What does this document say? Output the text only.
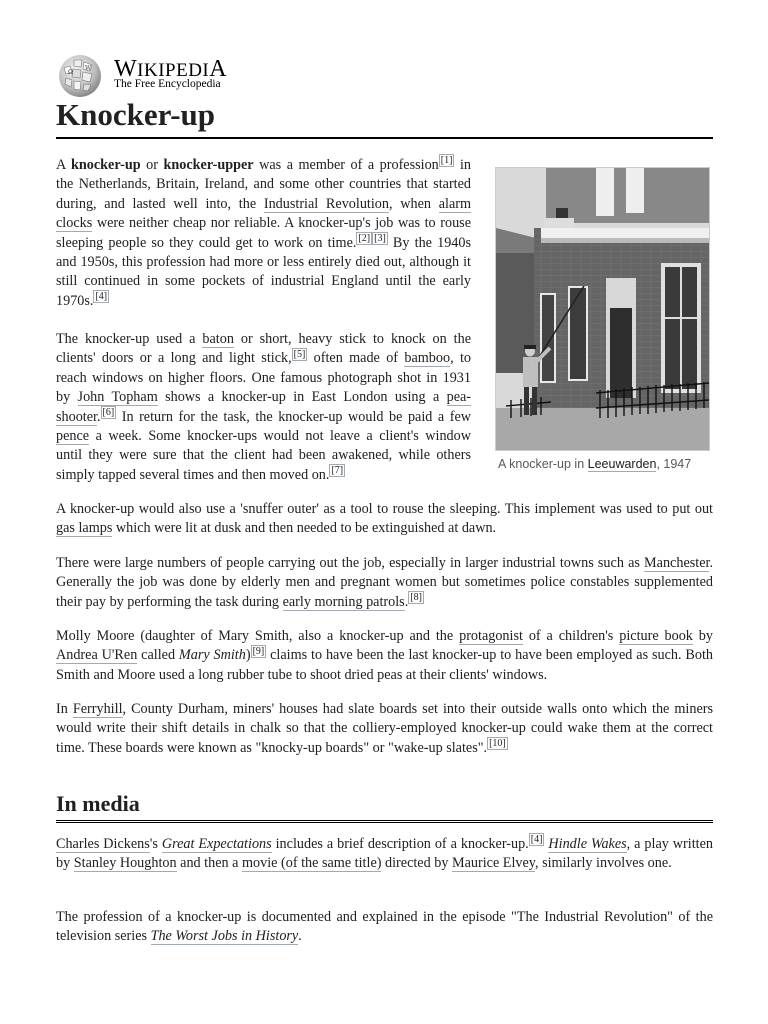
Ω
W WIKIPEDIA
The Free Encyclopedia
Knocker-up
A knocker-up in Leeuwarden, 1947

A knocker-up or knocker-upper was a member of a profession [1] in the Netherlands, Britain, Ireland, and some other countries that started during, and lasted well into, the Industrial Revolution, when alarm clocks were neither cheap nor reliable. A knocker-up's job was to rouse sleeping people so they could get to work on time. [2] [3] By the 1940s and 1950s, this profession had more or less entirely died out, although it still continued in some pockets of industrial England until the early 1970s. [4]

The knocker-up used a baton or short, heavy stick to knock on the clients' doors or a long and light stick, [5] often made of bamboo, to reach windows on higher floors. One famous photograph shot in 1931 by John Topham shows a knocker-up in East London using a pea-shooter. [6] In return for the task, the knocker-up would be paid a few pence a week. Some knocker-ups would not leave a client's window until they were sure that the client had been awakened, while others simply tapped several times and then moved on. [7]

A knocker-up would also use a 'snuffer outer' as a tool to rouse the sleeping. This implement was used to put out gas lamps which were lit at dusk and then needed to be extinguished at dawn.

There were large numbers of people carrying out the job, especially in larger industrial towns such as Manchester. Generally the job was done by elderly men and pregnant women but sometimes police constables supplemented their pay by performing the task during early morning patrols. [8]

Molly Moore (daughter of Mary Smith, also a knocker-up and the protagonist of a children's picture book by Andrea U'Ren called Mary Smith) [9] claims to have been the last knocker-up to have been employed as such. Both Smith and Moore used a long rubber tube to shoot dried peas at their clients' windows.

In Ferryhill, County Durham, miners' houses had slate boards set into their outside walls onto which the miners would write their shift details in chalk so that the colliery-employed knocker-up could wake them at the correct time. These boards were known as "knocky-up boards" or "wake-up slates". [10]

In media

Charles Dickens's Great Expectations includes a brief description of a knocker-up. [4] Hindle Wakes, a play written by Stanley Houghton and then a movie (of the same title) directed by Maurice Elvey, similarly involves one.

The profession of a knocker-up is documented and explained in the episode "The Industrial Revolution" of the television series The Worst Jobs in History.
